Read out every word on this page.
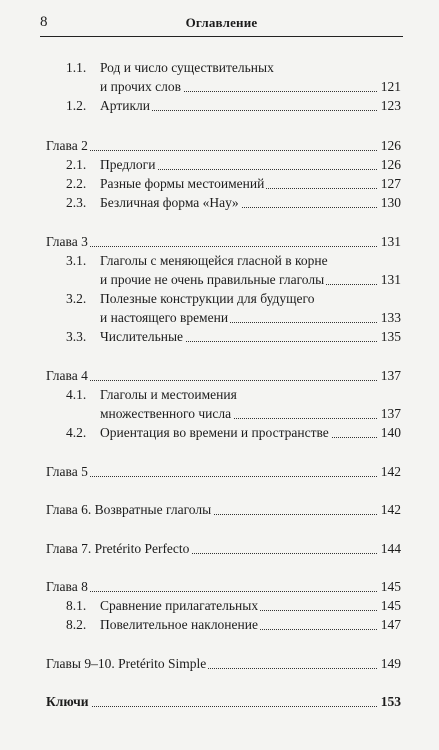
8	Оглавление
1.1. Род и число существительных
и прочих слов	121
1.2. Артикли	123
Глава 2	126
2.1. Предлоги	126
2.2. Разные формы местоимений	127
2.3. Безличная форма «Hay»	130
Глава 3	131
3.1. Глаголы с меняющейся гласной в корне
и прочие не очень правильные глаголы	131
3.2. Полезные конструкции для будущего
и настоящего времени	133
3.3. Числительные	135
Глава 4	137
4.1. Глаголы и местоимения
множественного числа	137
4.2. Ориентация во времени и пространстве	140
Глава 5	142
Глава 6. Возвратные глаголы	142
Глава 7. Pretérito Perfecto	144
Глава 8	145
8.1. Сравнение прилагательных	145
8.2. Повелительное наклонение	147
Главы 9–10. Pretérito Simple	149
Ключи	153
